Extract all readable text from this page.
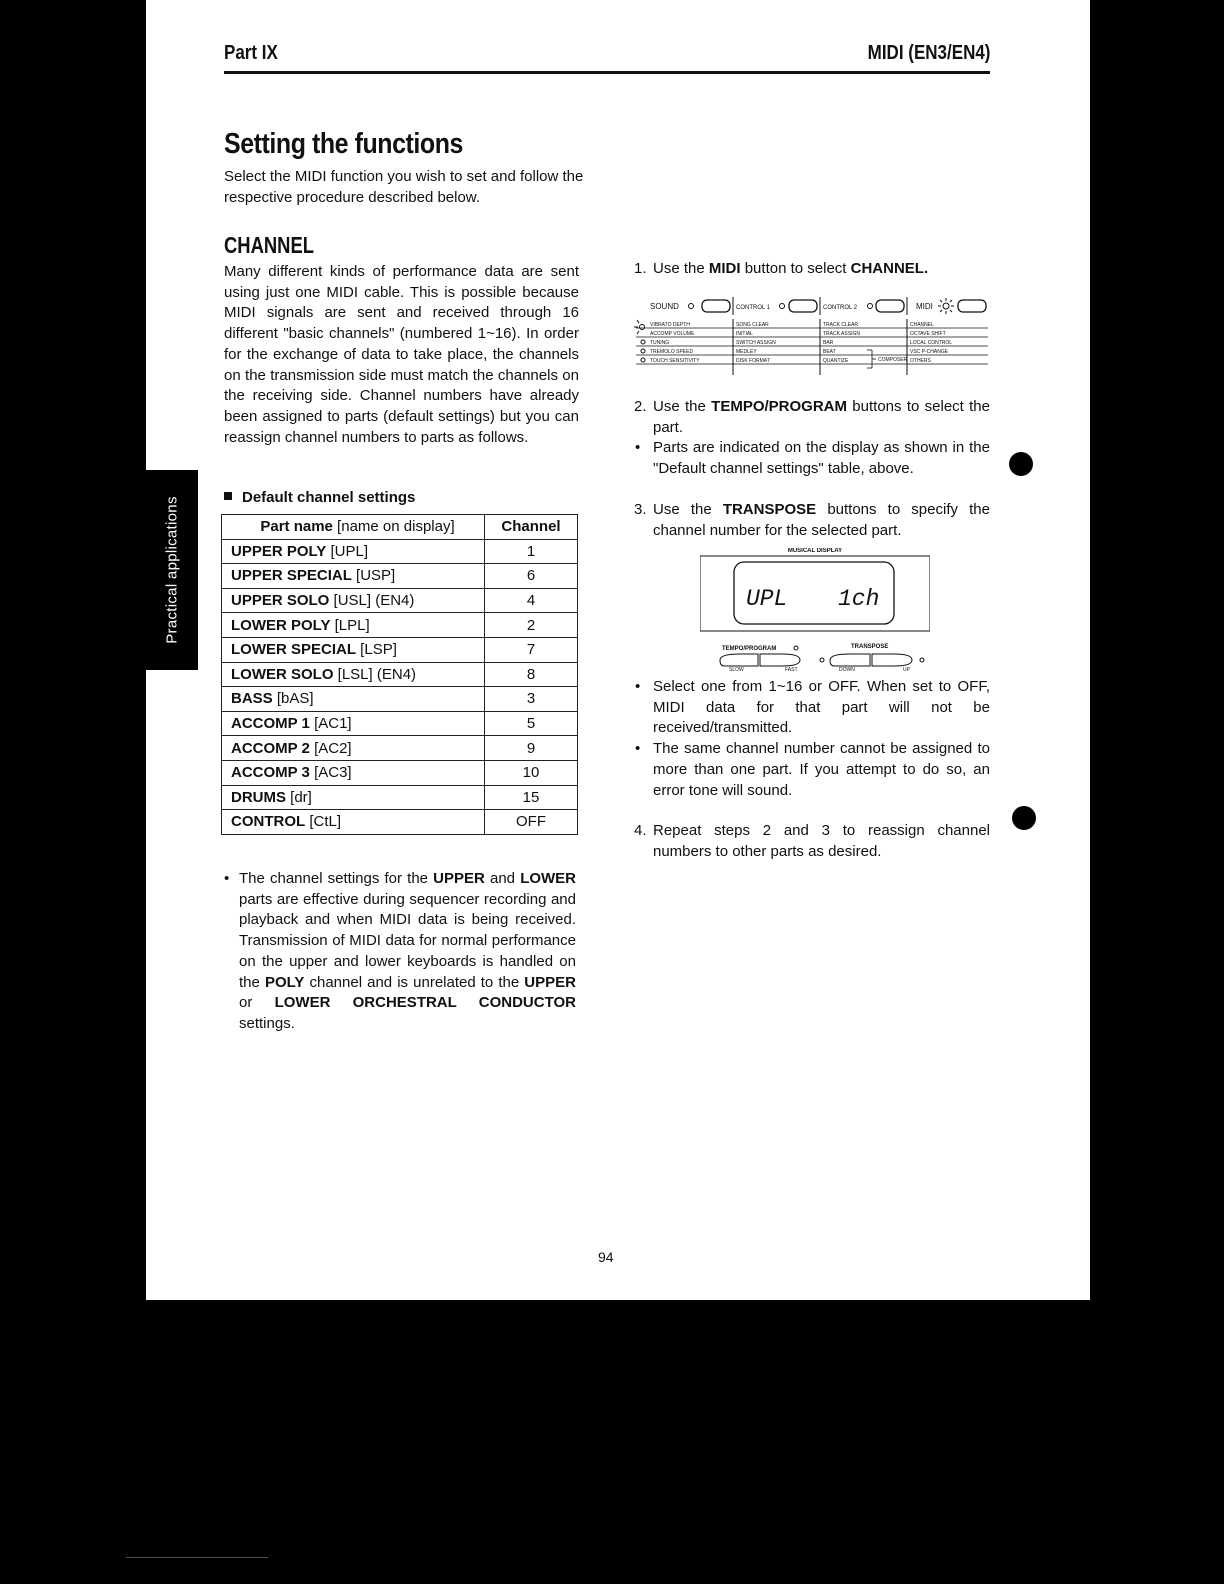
Part IX	MIDI (EN3/EN4)
Setting the functions
Select the MIDI function you wish to set and follow the respective procedure described below.
CHANNEL
Many different kinds of performance data are sent using just one MIDI cable. This is possible because MIDI signals are sent and received through 16 different "basic channels" (numbered 1~16). In order for the exchange of data to take place, the channels on the transmission side must match the channels on the receiving side. Channel numbers have already been assigned to parts (default settings) but you can reassign channel numbers to parts as follows.
Practical applications	Default channel settings
Part name [name on display]	Channel
UPPER POLY [UPL]	1
UPPER SPECIAL [USP]	6
UPPER SOLO [USL] (EN4)	4
LOWER POLY [LPL]	2
LOWER SPECIAL [LSP]	7
LOWER SOLO [LSL] (EN4)	8
BASS [bAS]	3
ACCOMP 1 [AC1]	5
ACCOMP 2 [AC2]	9
ACCOMP 3 [AC3]	10
DRUMS [dr]	15
CONTROL [CtL]	OFF
• The channel settings for the UPPER and LOWER parts are effective during sequencer recording and playback and when MIDI data is being received. Transmission of MIDI data for normal performance on the upper and lower keyboards is handled on the POLY channel and is unrelated to the UPPER or LOWER ORCHESTRAL CONDUCTOR settings.
1. Use the MIDI button to select CHANNEL.
SOUND	CONTROL 1	CONTROL 2	MIDI
VIBRATO DEPTH
ACCOMP VOLUME
TUNING
TREMOLO SPEED
TOUCH SENSITIVITY
SONG CLEAR
INITIAL
SWITCH ASSIGN
MEDLEY
DISK FORMAT
TRACK CLEAR
TRACK ASSIGN
BAR
BEAT
QUANTIZE
CHANNEL
OCTAVE SHIFT
LOCAL CONTROL
VSC P-CHANGE
OTHERS
COMPOSER
2. Use the TEMPO/PROGRAM buttons to select the part.
• Parts are indicated on the display as shown in the "Default channel settings" table, above.
3. Use the TRANSPOSE buttons to specify the channel number for the selected part.
MUSICAL DISPLAY
UPL 1ch
TEMPO/PROGRAM	TRANSPOSE
SLOW	FAST	DOWN	UP
• Select one from 1~16 or OFF. When set to OFF, MIDI data for that part will not be received/transmitted.
• The same channel number cannot be assigned to more than one part. If you attempt to do so, an error tone will sound.
4. Repeat steps 2 and 3 to reassign channel numbers to other parts as desired.
94
